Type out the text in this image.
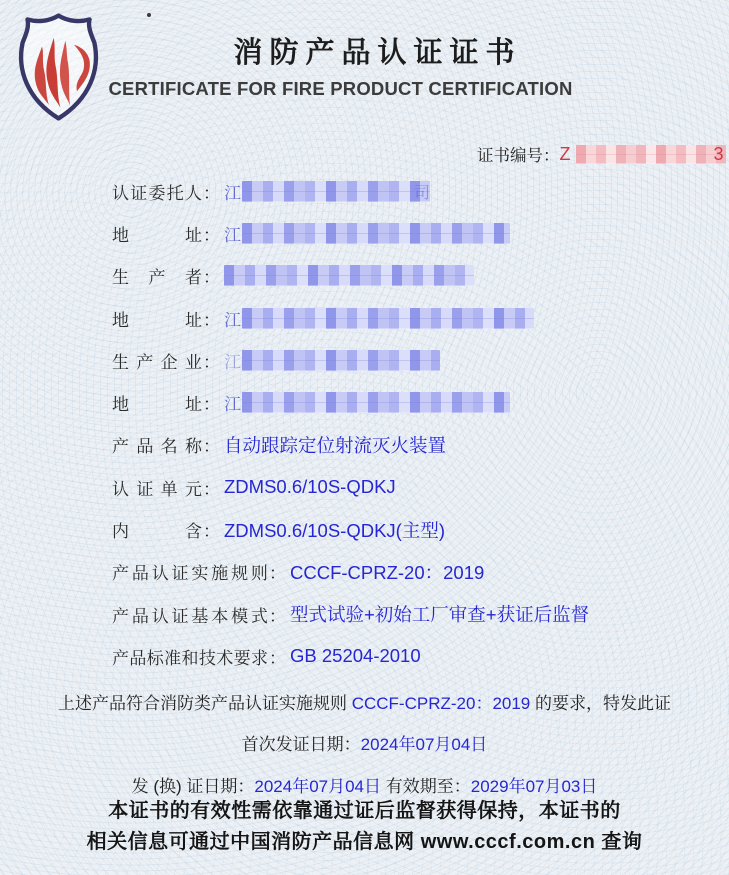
消防产品认证证书
CERTIFICATE FOR FIRE PRODUCT CERTIFICATION
证书编号： Z	3
认 证 委 托 人 ： 江	司
地	址 ： 江
生 产 者 ：
地	址 ： 江
生 产 企 业 ： 江
地	址 ： 江
产 品 名 称 ： 自动跟踪定位射流灭火装置
认 证 单 元 ： ZDMS0.6/10S-QDKJ
内	含 ： ZDMS0.6/10S-QDKJ(主型)
产 品 认 证 实 施 规 则 ： CCCF-CPRZ-20：2019
产 品 认 证 基 本 模 式 ： 型式试验+初始工厂审查+获证后监督
产 品 标 准 和 技 术 要 求 ： GB 25204-2010
上述产品符合消防类产品认证实施规则 CCCF-CPRZ-20：2019 的要求，特发此证
首次发证日期：2024年07月04日
发 (换) 证日期：2024年07月04日 有效期至：2029年07月03日
本证书的有效性需依靠通过证后监督获得保持，本证书的
相关信息可通过中国消防产品信息网 www.cccf.com.cn 查询
